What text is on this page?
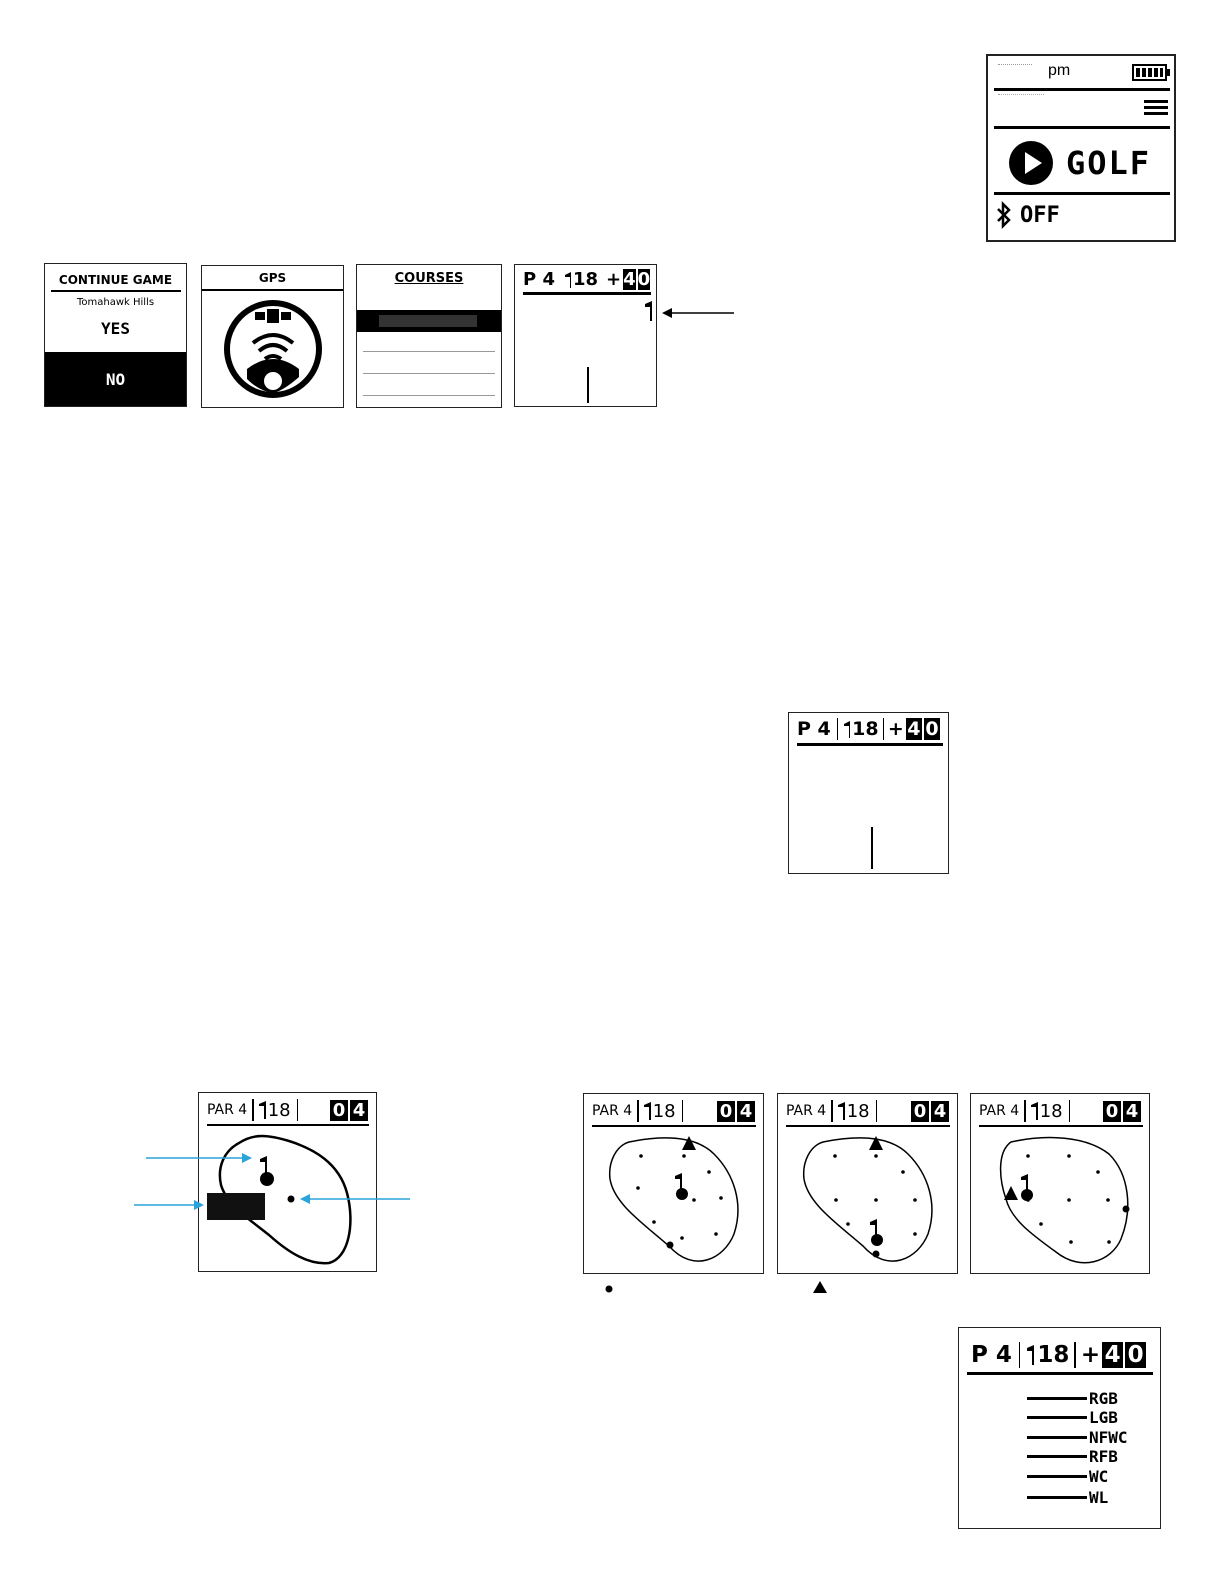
pm
GOLF
OFF
CONTINUE GAME
Tomahawk Hills
YES
NO
GPS	COURSES	P 4 18 + 4 0
P 4 18 + 4 0
PAR 4 18 0 4	PAR 4 18 0 4 PAR 4 18 0 4 PAR 4 18 0 4
P 4 18 + 4 0
RGB
LGB
NFWC
RFB
WC
WL
